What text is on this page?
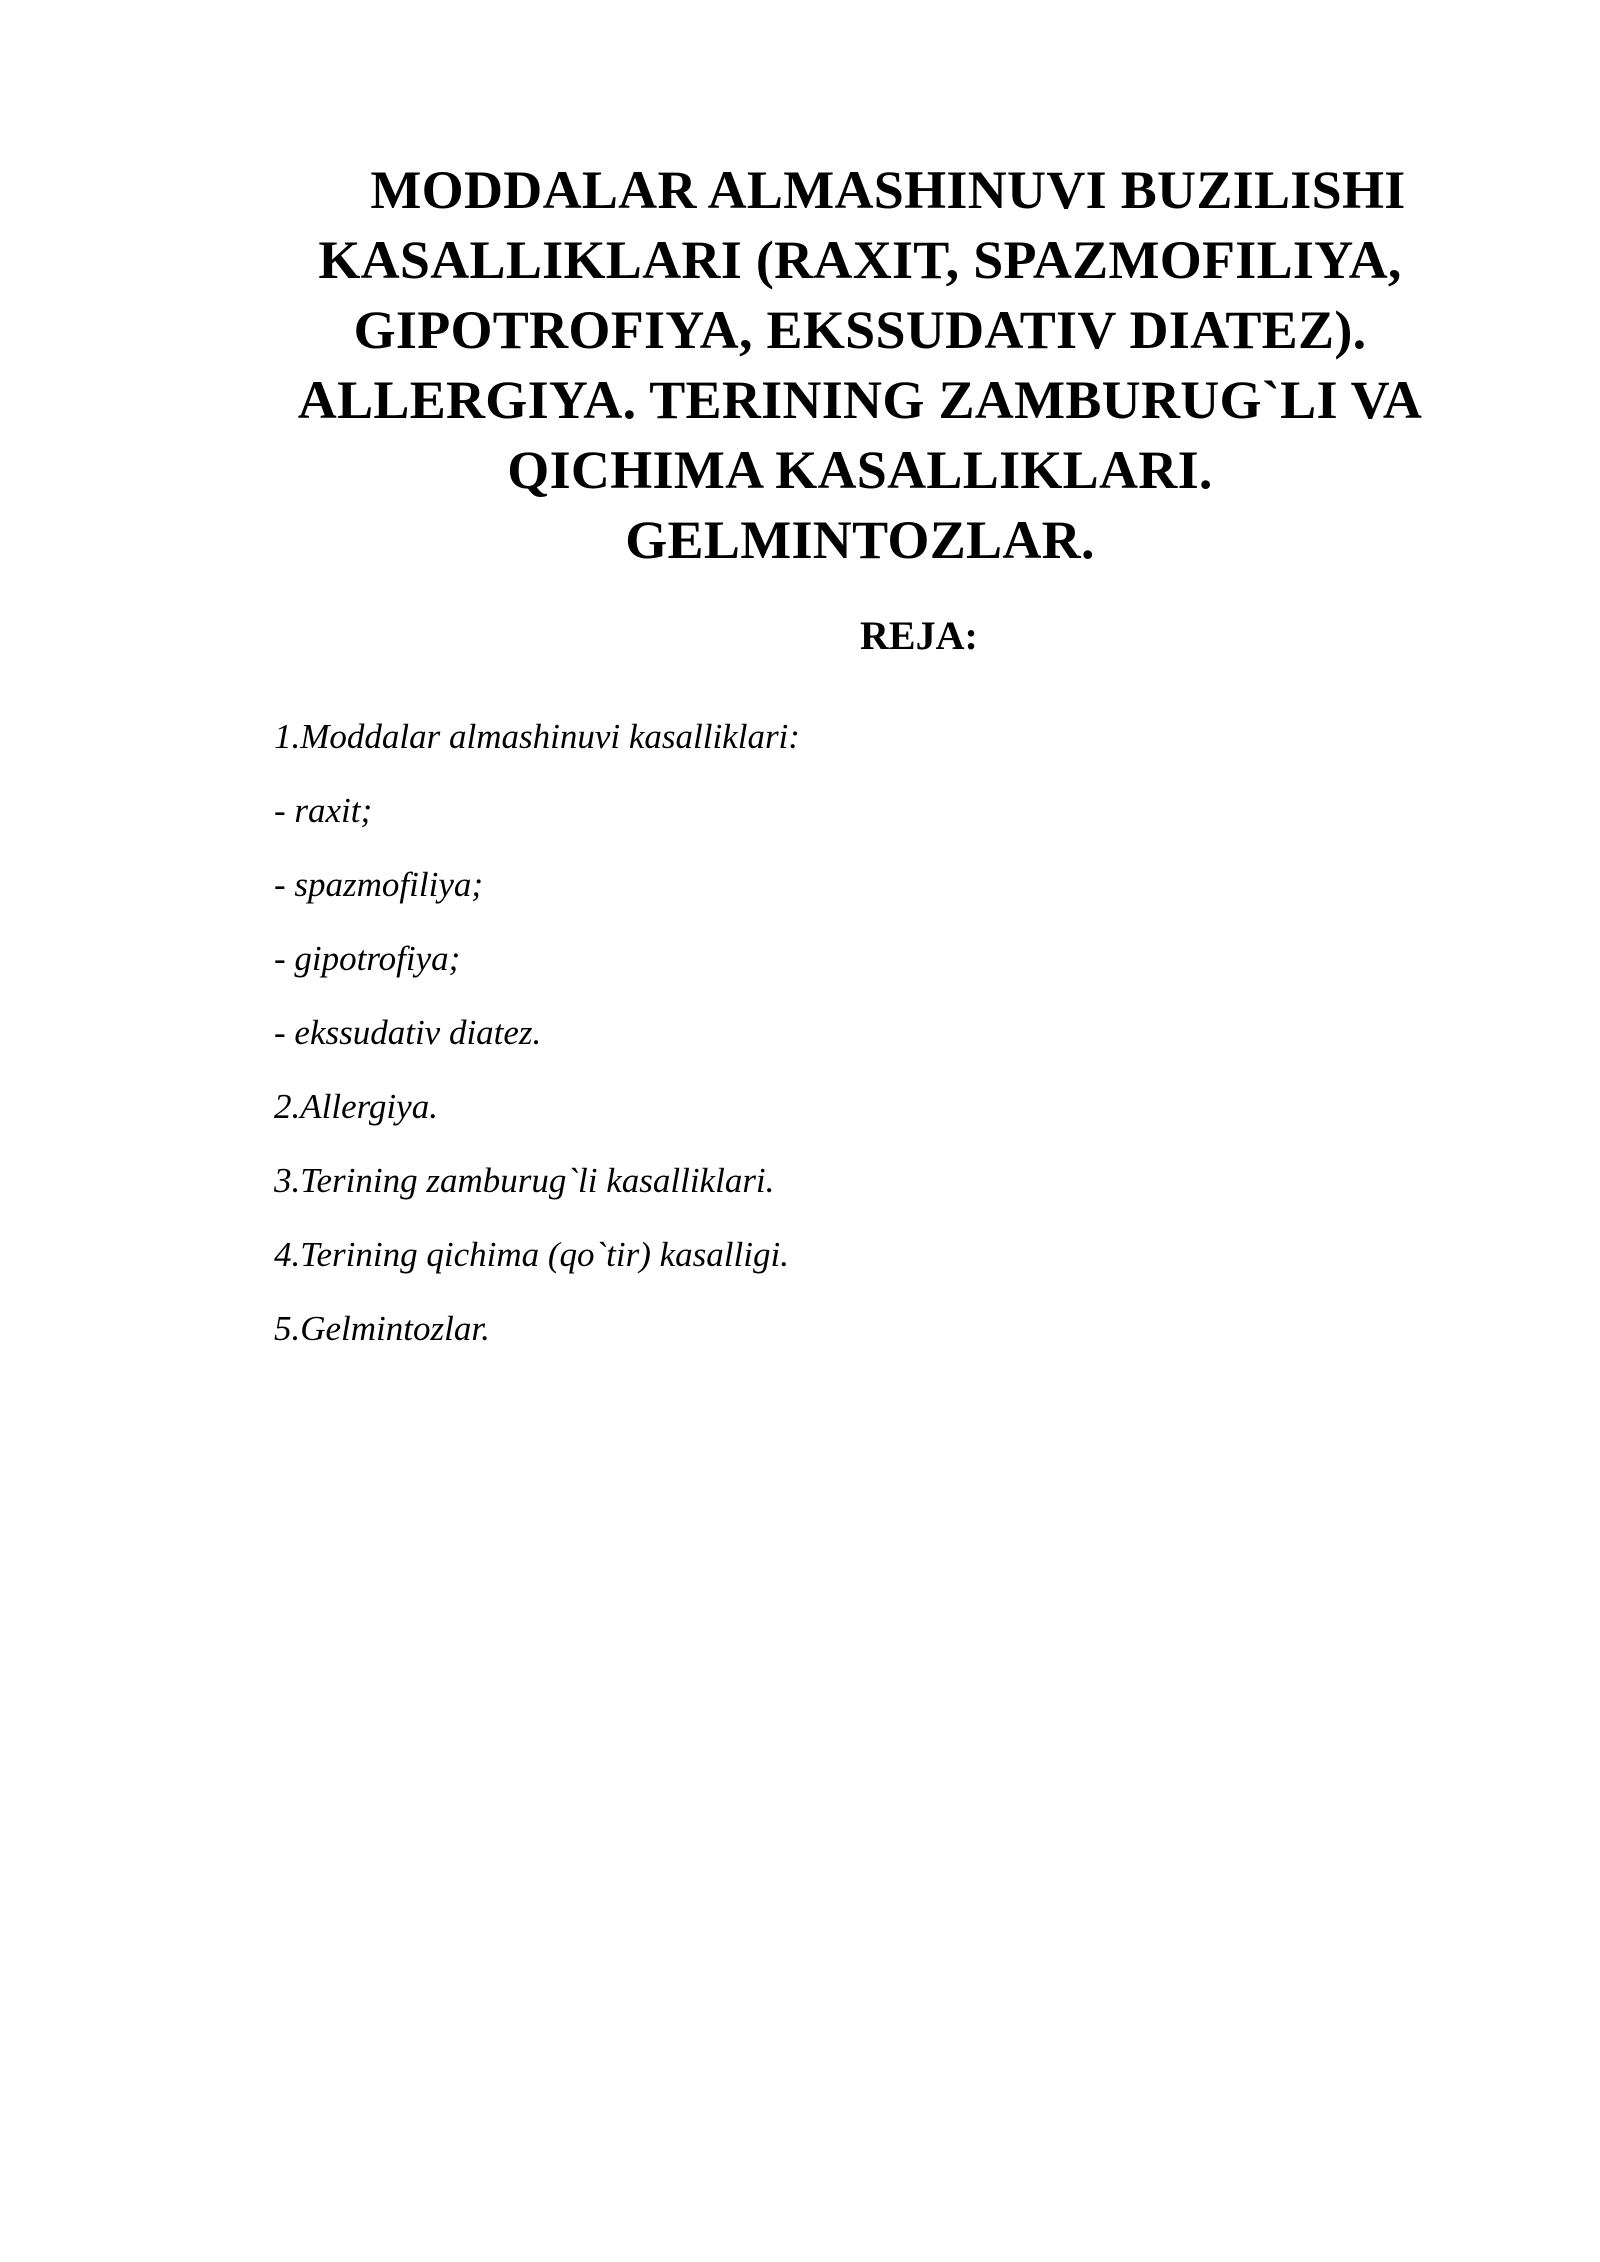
MODDALAR ALMASHINUVI BUZILISHI
KASALLIKLARI (RAXIT, SPAZMOFILIYA,
GIPOTROFIYA, EKSSUDATIV DIATEZ).
ALLERGIYA. TERINING ZAMBURUG`LI VA
QICHIMA KASALLIKLARI.
GELMINTOZLAR.
REJA:
1.Moddalar almashinuvi kasalliklari:
- raxit;
- spazmofiliya;
- gipotrofiya;
- ekssudativ diatez.
2.Allergiya.
3.Terining zamburug`li kasalliklari.
4.Terining qichima (qo`tir) kasalligi.
5.Gelmintozlar.
